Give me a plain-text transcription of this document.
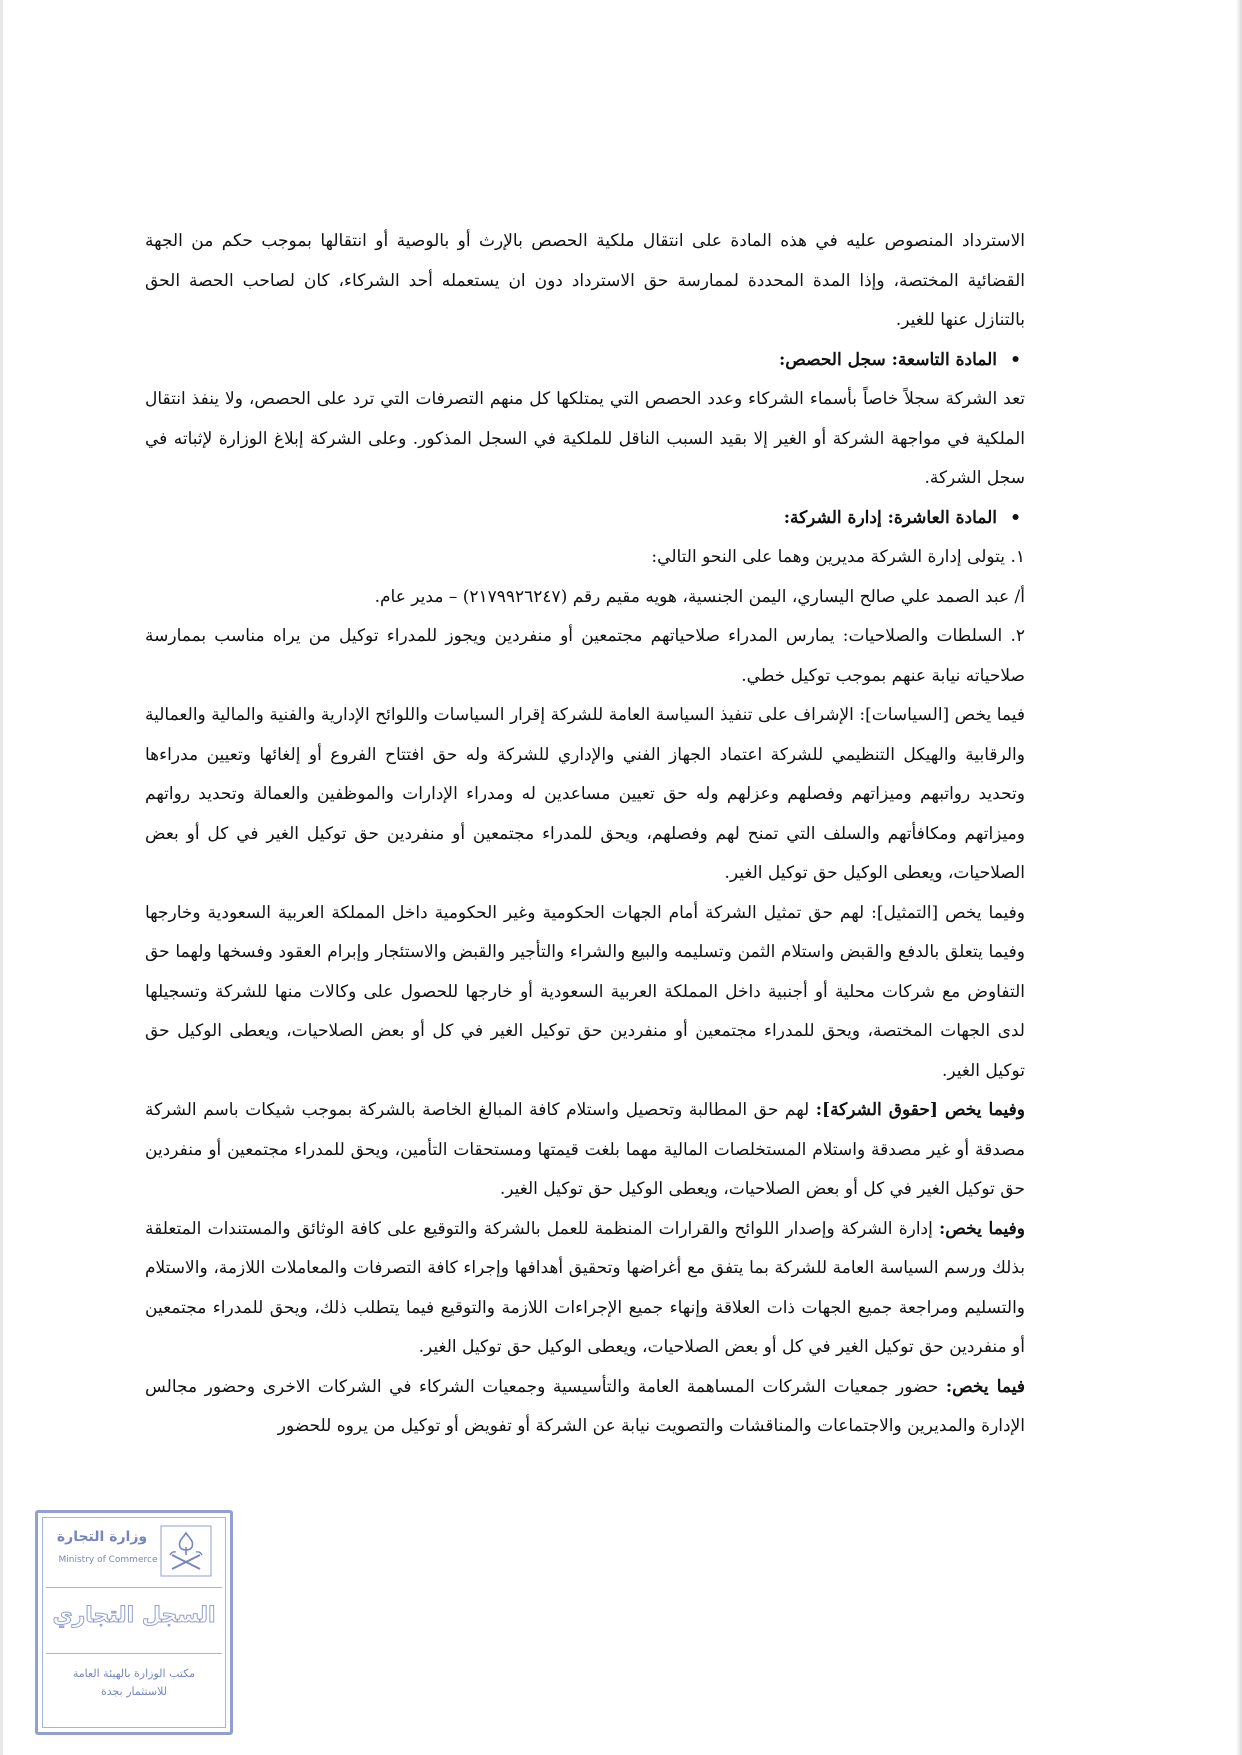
الاسترداد المنصوص عليه في هذه المادة على انتقال ملكية الحصص بالإرث أو بالوصية أو انتقالها بموجب حكم من الجهة القضائية المختصة، وإذا المدة المحددة لممارسة حق الاسترداد دون ان يستعمله أحد الشركاء، كان لصاحب الحصة الحق بالتنازل عنها للغير.

•
المادة التاسعة: سجل الحصص:

تعد الشركة سجلاً خاصاً بأسماء الشركاء وعدد الحصص التي يمتلكها كل منهم التصرفات التي ترد على الحصص، ولا ينفذ انتقال الملكية في مواجهة الشركة أو الغير إلا بقيد السبب الناقل للملكية في السجل المذكور. وعلى الشركة إبلاغ الوزارة لإثباته في سجل الشركة.

•
المادة العاشرة: إدارة الشركة:

١. يتولى إدارة الشركة مديرين وهما على النحو التالي:

أ/ عبد الصمد علي صالح اليساري، اليمن الجنسية، هويه مقيم رقم (٢١٧٩٩٢٦٢٤٧) – مدير عام.

٢. السلطات والصلاحيات: يمارس المدراء صلاحياتهم مجتمعين أو منفردين ويجوز للمدراء توكيل من يراه مناسب بممارسة صلاحياته نيابة عنهم بموجب توكيل خطي.

فيما يخص [السياسات]: الإشراف على تنفيذ السياسة العامة للشركة إقرار السياسات واللوائح الإدارية والفنية والمالية والعمالية والرقابية والهيكل التنظيمي للشركة اعتماد الجهاز الفني والإداري للشركة وله حق افتتاح الفروع أو إلغائها وتعيين مدراءها وتحديد رواتبهم وميزاتهم وفصلهم وعزلهم وله حق تعيين مساعدين له ومدراء الإدارات والموظفين والعمالة وتحديد رواتهم وميزاتهم ومكافأتهم والسلف التي تمنح لهم وفصلهم، ويحق للمدراء مجتمعين أو منفردين حق توكيل الغير في كل أو بعض الصلاحيات، ويعطى الوكيل حق توكيل الغير.

وفيما يخص [التمثيل]: لهم حق تمثيل الشركة أمام الجهات الحكومية وغير الحكومية داخل المملكة العربية السعودية وخارجها وفيما يتعلق بالدفع والقبض واستلام الثمن وتسليمه والبيع والشراء والتأجير والقبض والاستئجار وإبرام العقود وفسخها ولهما حق التفاوض مع شركات محلية أو أجنبية داخل المملكة العربية السعودية أو خارجها للحصول على وكالات منها للشركة وتسجيلها لدى الجهات المختصة، ويحق للمدراء مجتمعين أو منفردين حق توكيل الغير في كل أو بعض الصلاحيات، ويعطى الوكيل حق توكيل الغير.

وفيما يخص [حقوق الشركة]: لهم حق المطالبة وتحصيل واستلام كافة المبالغ الخاصة بالشركة بموجب شيكات باسم الشركة مصدقة أو غير مصدقة واستلام المستخلصات المالية مهما بلغت قيمتها ومستحقات التأمين، ويحق للمدراء مجتمعين أو منفردين حق توكيل الغير في كل أو بعض الصلاحيات، ويعطى الوكيل حق توكيل الغير.

وفيما يخص: إدارة الشركة وإصدار اللوائح والقرارات المنظمة للعمل بالشركة والتوقيع على كافة الوثائق والمستندات المتعلقة بذلك ورسم السياسة العامة للشركة بما يتفق مع أغراضها وتحقيق أهدافها وإجراء كافة التصرفات والمعاملات اللازمة، والاستلام والتسليم ومراجعة جميع الجهات ذات العلاقة وإنهاء جميع الإجراءات اللازمة والتوقيع فيما يتطلب ذلك، ويحق للمدراء مجتمعين أو منفردين حق توكيل الغير في كل أو بعض الصلاحيات، ويعطى الوكيل حق توكيل الغير.

فيما يخص: حضور جمعيات الشركات المساهمة العامة والتأسيسية وجمعيات الشركاء في الشركات الاخرى وحضور مجالس الإدارة والمديرين والاجتماعات والمناقشات والتصويت نيابة عن الشركة أو تفويض أو توكيل من يروه للحضور

وزارة التجارة
Ministry of Commerce
السجل التجاري
مكتب الوزارة بالهيئة العامة
للاستثمار بجدة
